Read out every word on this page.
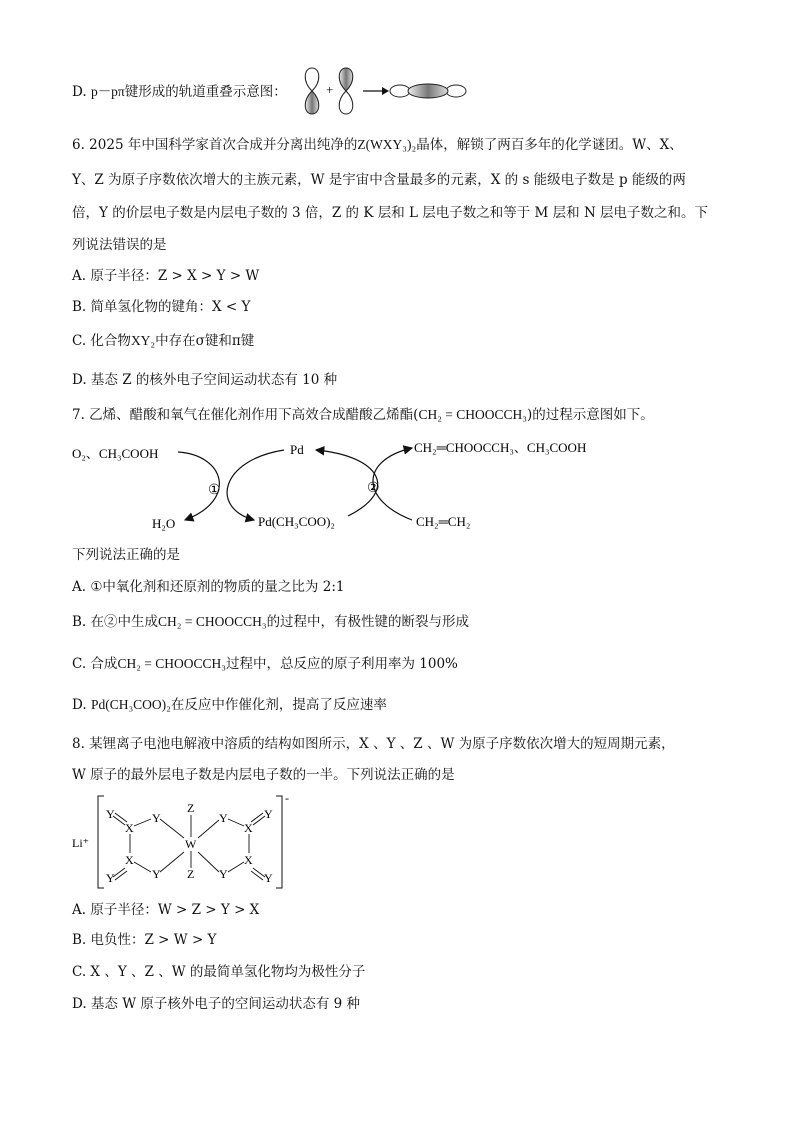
D. p－pπ键形成的轨道重叠示意图：	+
6. 2025 年中国科学家首次合成并分离出纯净的Z(WXY₃)₂晶体，解锁了两百多年的化学谜团。W、X、
Y、Z 为原子序数依次增大的主族元素，W 是宇宙中含量最多的元素，X 的 s 能级电子数是 p 能级的两
倍，Y 的价层电子数是内层电子数的 3 倍，Z 的 K 层和 L 层电子数之和等于 M 层和 N 层电子数之和。下
列说法错误的是
A. 原子半径：Z > X > Y > W
B. 简单氢化物的键角：X < Y
C. 化合物XY₂中存在σ键和π键
D. 基态 Z 的核外电子空间运动状态有 10 种
7. 乙烯、醋酸和氧气在催化剂作用下高效合成醋酸乙烯酯(CH₂ = CHOOCCH₃)的过程示意图如下。
O₂、CH₃COOH	Pd	CH₂═CHOOCCH₃、CH₃COOH
①	②
H₂O	Pd(CH₃COO)₂	CH₂═CH₂
下列说法正确的是
A. ①中氧化剂和还原剂的物质的量之比为 2:1
B. 在②中生成CH₂ = CHOOCCH₃的过程中，有极性键的断裂与形成
C. 合成CH₂ = CHOOCCH₃过程中，总反应的原子利用率为 100%
D. Pd(CH₃COO)₂在反应中作催化剂，提高了反应速率
8. 某锂离子电池电解液中溶质的结构如图所示，X 、Y 、Z 、W 为原子序数依次增大的短周期元素，
W 原子的最外层电子数是内层电子数的一半。下列说法正确的是
Li⁺
-
Y
X
Y
Z
W
Z
X
Y	Y
Y
X
Y
Y
X
Y
A. 原子半径：W > Z > Y > X
B. 电负性：Z > W > Y
C. X 、Y 、Z 、W 的最简单氢化物均为极性分子
D. 基态 W 原子核外电子的空间运动状态有 9 种
